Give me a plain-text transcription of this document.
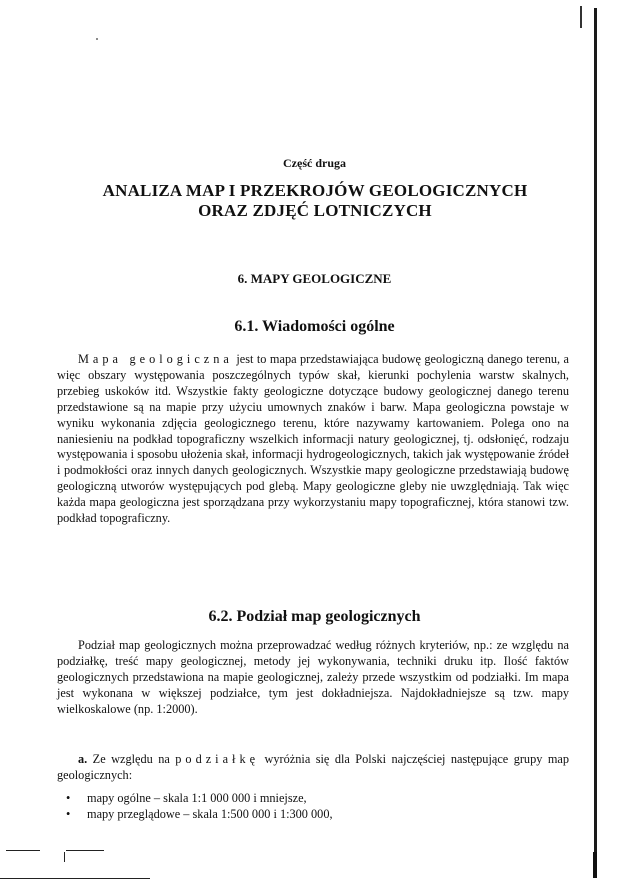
Część druga
ANALIZA MAP I PRZEKROJÓW GEOLOGICZNYCH
ORAZ ZDJĘĆ LOTNICZYCH
6. MAPY GEOLOGICZNE
6.1. Wiadomości ogólne

Mapa geologiczna jest to mapa przedstawiająca budowę geologiczną danego terenu, a więc obszary występowania poszczególnych typów skał, kierunki pochylenia warstw skalnych, przebieg uskoków itd. Wszystkie fakty geologiczne dotyczące budowy geologicznej danego terenu przedstawione są na mapie przy użyciu umownych znaków i barw. Mapa geologiczna powstaje w wyniku wykonania zdjęcia geologicznego terenu, które nazywamy kartowaniem. Polega ono na naniesieniu na podkład topograficzny wszelkich informacji natury geologicznej, tj. odsłonięć, rodzaju występowania i sposobu ułożenia skał, informacji hydrogeologicznych, takich jak występowanie źródeł i podmokłości oraz innych danych geologicznych. Wszystkie mapy geologiczne przedstawiają budowę geologiczną utworów występujących pod glebą. Mapy geologiczne gleby nie uwzględniają. Tak więc każda mapa geologiczna jest sporządzana przy wykorzystaniu mapy topograficznej, która stanowi tzw. podkład topograficzny.

6.2. Podział map geologicznych

Podział map geologicznych można przeprowadzać według różnych kryteriów, np.: ze względu na podziałkę, treść mapy geologicznej, metody jej wykonywania, techniki druku itp. Ilość faktów geologicznych przedstawiona na mapie geologicznej, zależy przede wszystkim od podziałki. Im mapa jest wykonana w większej podziałce, tym jest dokładniejsza. Najdokładniejsze są tzw. mapy wielkoskalowe (np. 1:2000).

a. Ze względu na podziałkę wyróżnia się dla Polski najczęściej następujące grupy map geologicznych:

• mapy ogólne – skala 1:1 000 000 i mniejsze,
• mapy przeglądowe – skala 1:500 000 i 1:300 000,
